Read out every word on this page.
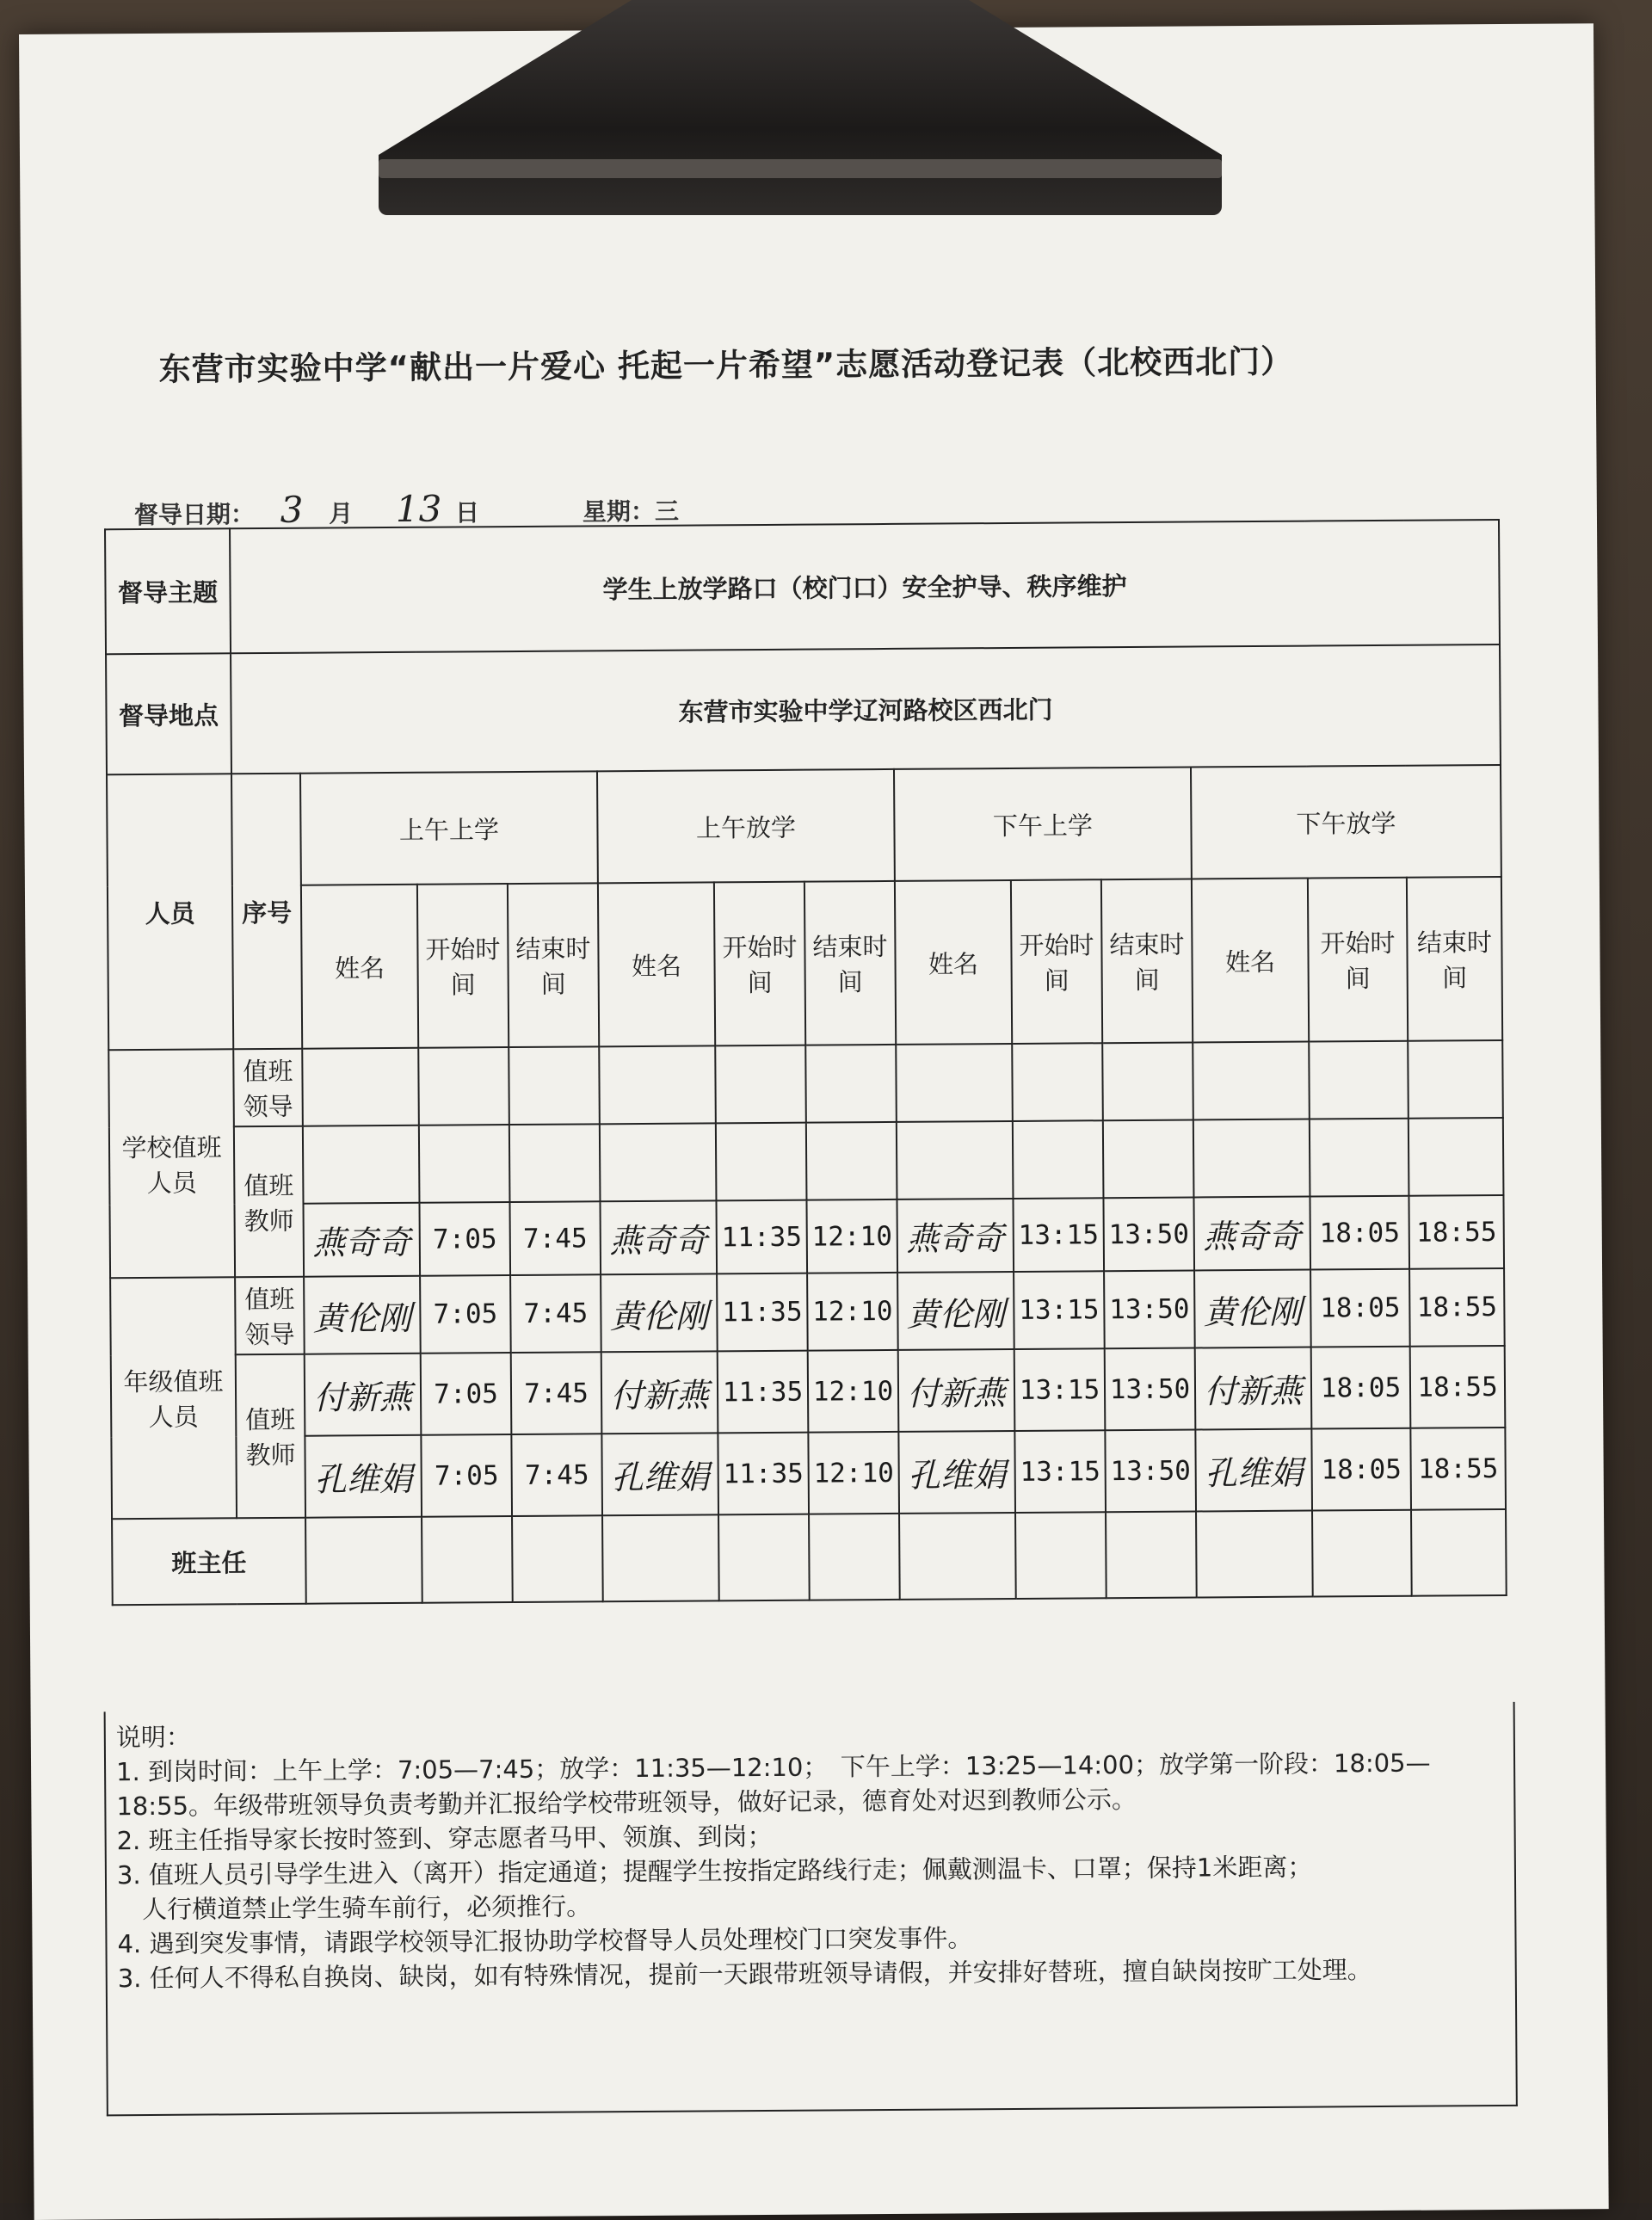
东营市实验中学“献出一片爱心 托起一片希望”志愿活动登记表（北校西北门）
督导日期： 3 月 13 日	星期：三
督导主题	学生上放学路口（校门口）安全护导、秩序维护												
督导地点	东营市实验中学辽河路校区西北门												
人员	序号	上午上学			上午放学			下午上学			下午放学		
		姓名	开始时间	结束时间	姓名	开始时间	结束时间	姓名	开始时间	结束时间	姓名	开始时间	结束时间
学校值班人员	值班领导												
	值班教师												
		燕奇奇	7:05	7:45	燕奇奇	11:35	12:10	燕奇奇	13:15	13:50	燕奇奇	18:05	18:55
年级值班人员	值班领导	黄伦刚	7:05	7:45	黄伦刚	11:35	12:10	黄伦刚	13:15	13:50	黄伦刚	18:05	18:55
	值班教师	付新燕	7:05	7:45	付新燕	11:35	12:10	付新燕	13:15	13:50	付新燕	18:05	18:55
		孔维娟	7:05	7:45	孔维娟	11:35	12:10	孔维娟	13:15	13:50	孔维娟	18:05	18:55
班主任													
说明：
1. 到岗时间：上午上学：7:05—7:45；放学：11:35—12:10；　下午上学：13:25—14:00；放学第一阶段：18:05—18:55。年级带班领导负责考勤并汇报给学校带班领导，做好记录，德育处对迟到教师公示。
2. 班主任指导家长按时签到、穿志愿者马甲、领旗、到岗；
3. 值班人员引导学生进入（离开）指定通道；提醒学生按指定路线行走；佩戴测温卡、口罩；保持1米距离；
　人行横道禁止学生骑车前行，必须推行。
4. 遇到突发事情，请跟学校领导汇报协助学校督导人员处理校门口突发事件。
3. 任何人不得私自换岗、缺岗，如有特殊情况，提前一天跟带班领导请假，并安排好替班，擅自缺岗按旷工处理。
